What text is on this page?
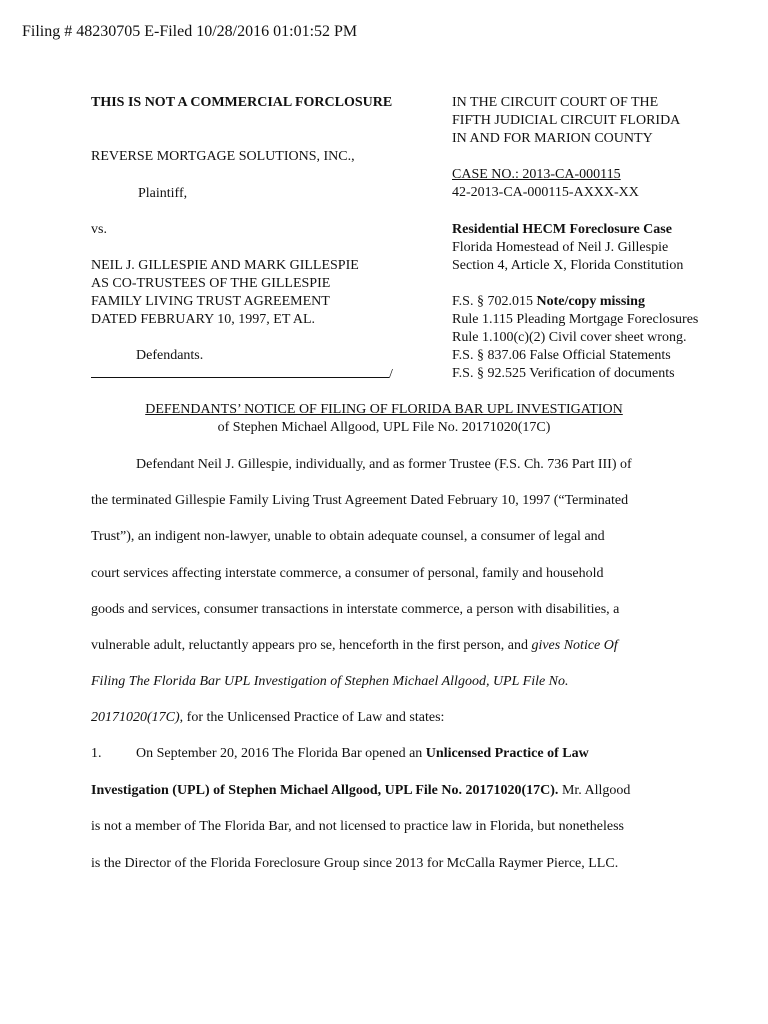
Filing # 48230705 E-Filed 10/28/2016 01:01:52 PM
THIS IS NOT A COMMERCIAL FORCLOSURE
REVERSE MORTGAGE SOLUTIONS, INC.,
Plaintiff,
vs.
NEIL J. GILLESPIE AND MARK GILLESPIE
AS CO-TRUSTEES OF THE GILLESPIE
FAMILY LIVING TRUST AGREEMENT
DATED FEBRUARY 10, 1997, ET AL.
Defendants.
/
IN THE CIRCUIT COURT OF THE
FIFTH JUDICIAL CIRCUIT FLORIDA
IN AND FOR MARION COUNTY
CASE NO.: 2013-CA-000115
42-2013-CA-000115-AXXX-XX
Residential HECM Foreclosure Case
Florida Homestead of Neil J. Gillespie
Section 4, Article X, Florida Constitution
F.S. § 702.015 Note/copy missing
Rule 1.115 Pleading Mortgage Foreclosures
Rule 1.100(c)(2) Civil cover sheet wrong.
F.S. § 837.06 False Official Statements
F.S. § 92.525 Verification of documents
DEFENDANTS’ NOTICE OF FILING OF FLORIDA BAR UPL INVESTIGATION
of Stephen Michael Allgood, UPL File No. 20171020(17C)
Defendant Neil J. Gillespie, individually, and as former Trustee (F.S. Ch. 736 Part III) of
the terminated Gillespie Family Living Trust Agreement Dated February 10, 1997 (“Terminated
Trust”), an indigent non-lawyer, unable to obtain adequate counsel, a consumer of legal and
court services affecting interstate commerce, a consumer of personal, family and household
goods and services, consumer transactions in interstate commerce, a person with disabilities, a
vulnerable adult, reluctantly appears pro se, henceforth in the first person, and gives Notice Of
Filing The Florida Bar UPL Investigation of Stephen Michael Allgood, UPL File No.
20171020(17C), for the Unlicensed Practice of Law and states:
1. On September 20, 2016 The Florida Bar opened an Unlicensed Practice of Law
Investigation (UPL) of Stephen Michael Allgood, UPL File No. 20171020(17C). Mr. Allgood
is not a member of The Florida Bar, and not licensed to practice law in Florida, but nonetheless
is the Director of the Florida Foreclosure Group since 2013 for McCalla Raymer Pierce, LLC.
